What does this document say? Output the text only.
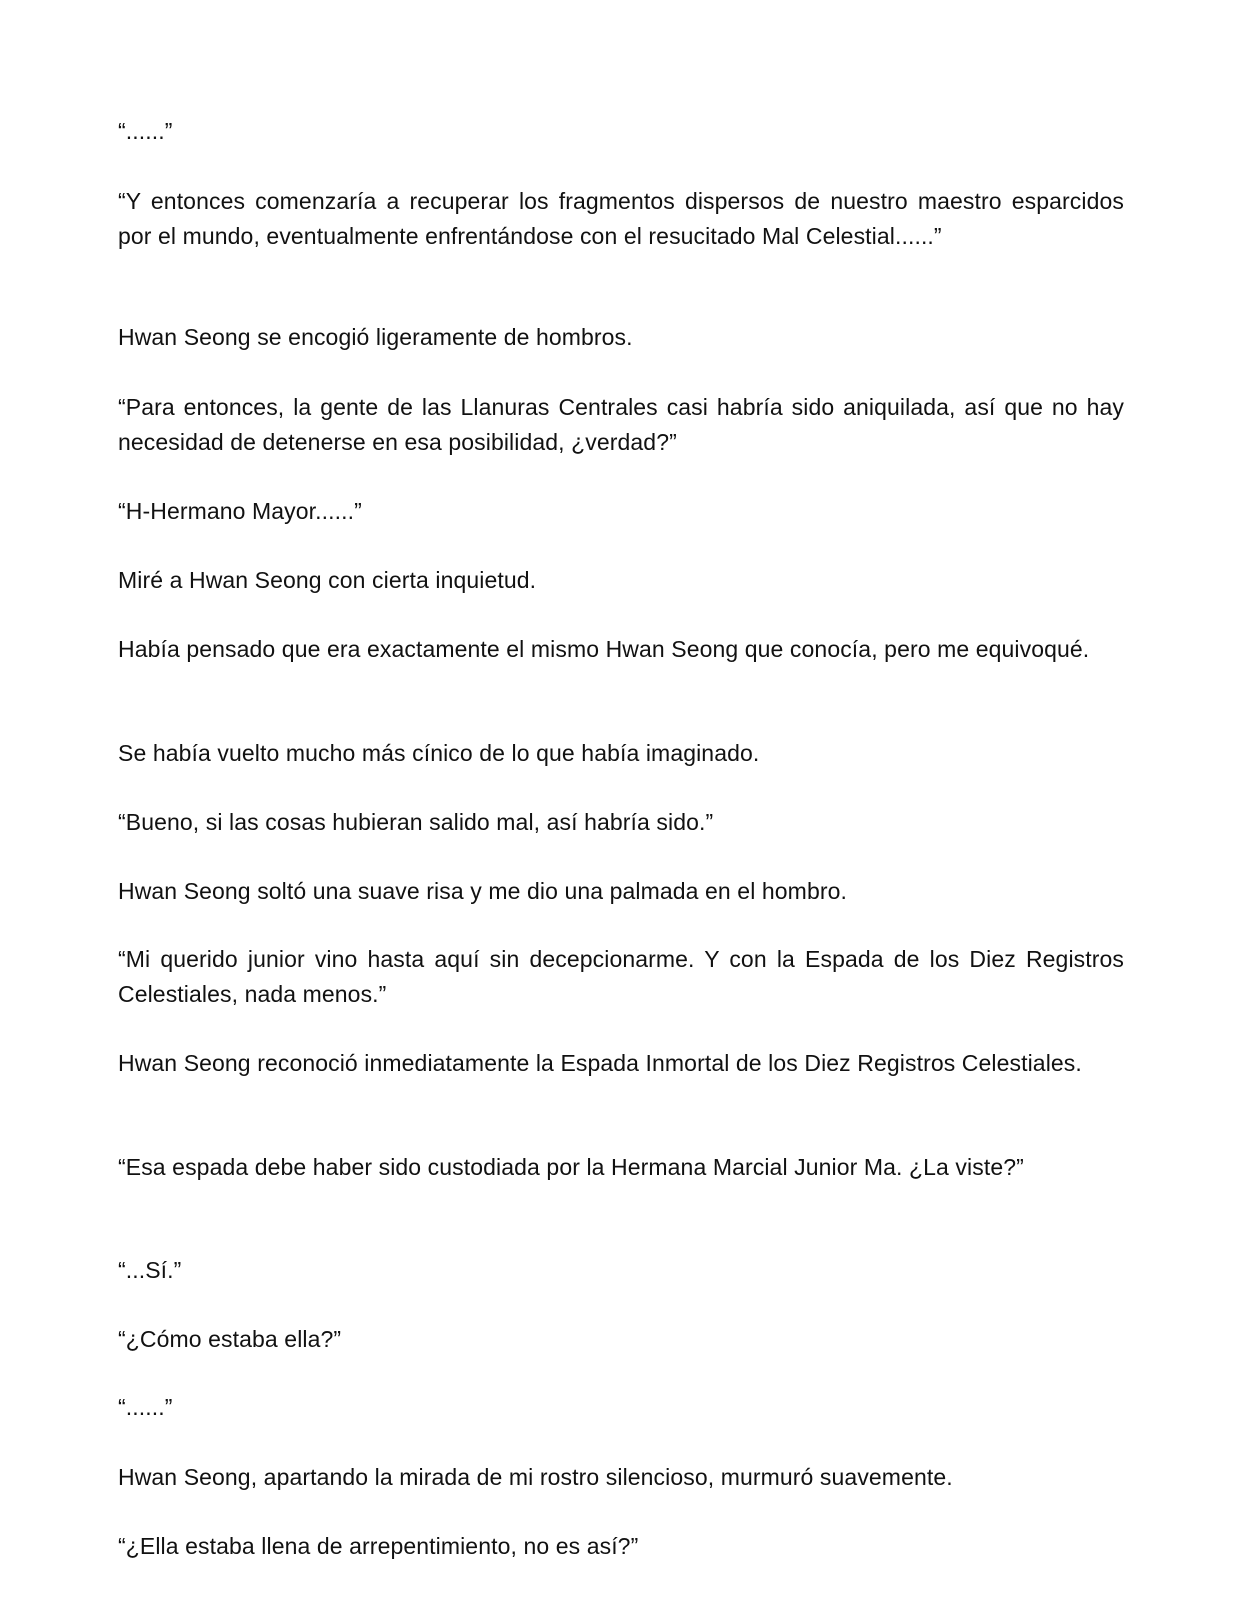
“......”

“Y entonces comenzaría a recuperar los fragmentos dispersos de nuestro maestro esparcidos por el mundo, eventualmente enfrentándose con el resucitado Mal Celestial......”

Hwan Seong se encogió ligeramente de hombros.

“Para entonces, la gente de las Llanuras Centrales casi habría sido aniquilada, así que no hay necesidad de detenerse en esa posibilidad, ¿verdad?”

“H-Hermano Mayor......”

Miré a Hwan Seong con cierta inquietud.

Había pensado que era exactamente el mismo Hwan Seong que conocía, pero me equivoqué.

Se había vuelto mucho más cínico de lo que había imaginado.

“Bueno, si las cosas hubieran salido mal, así habría sido.”

Hwan Seong soltó una suave risa y me dio una palmada en el hombro.

“Mi querido junior vino hasta aquí sin decepcionarme. Y con la Espada de los Diez Registros Celestiales, nada menos.”

Hwan Seong reconoció inmediatamente la Espada Inmortal de los Diez Registros Celestiales.

“Esa espada debe haber sido custodiada por la Hermana Marcial Junior Ma. ¿La viste?”

“...Sí.”

“¿Cómo estaba ella?”

“......”

Hwan Seong, apartando la mirada de mi rostro silencioso, murmuró suavemente.

“¿Ella estaba llena de arrepentimiento, no es así?”
